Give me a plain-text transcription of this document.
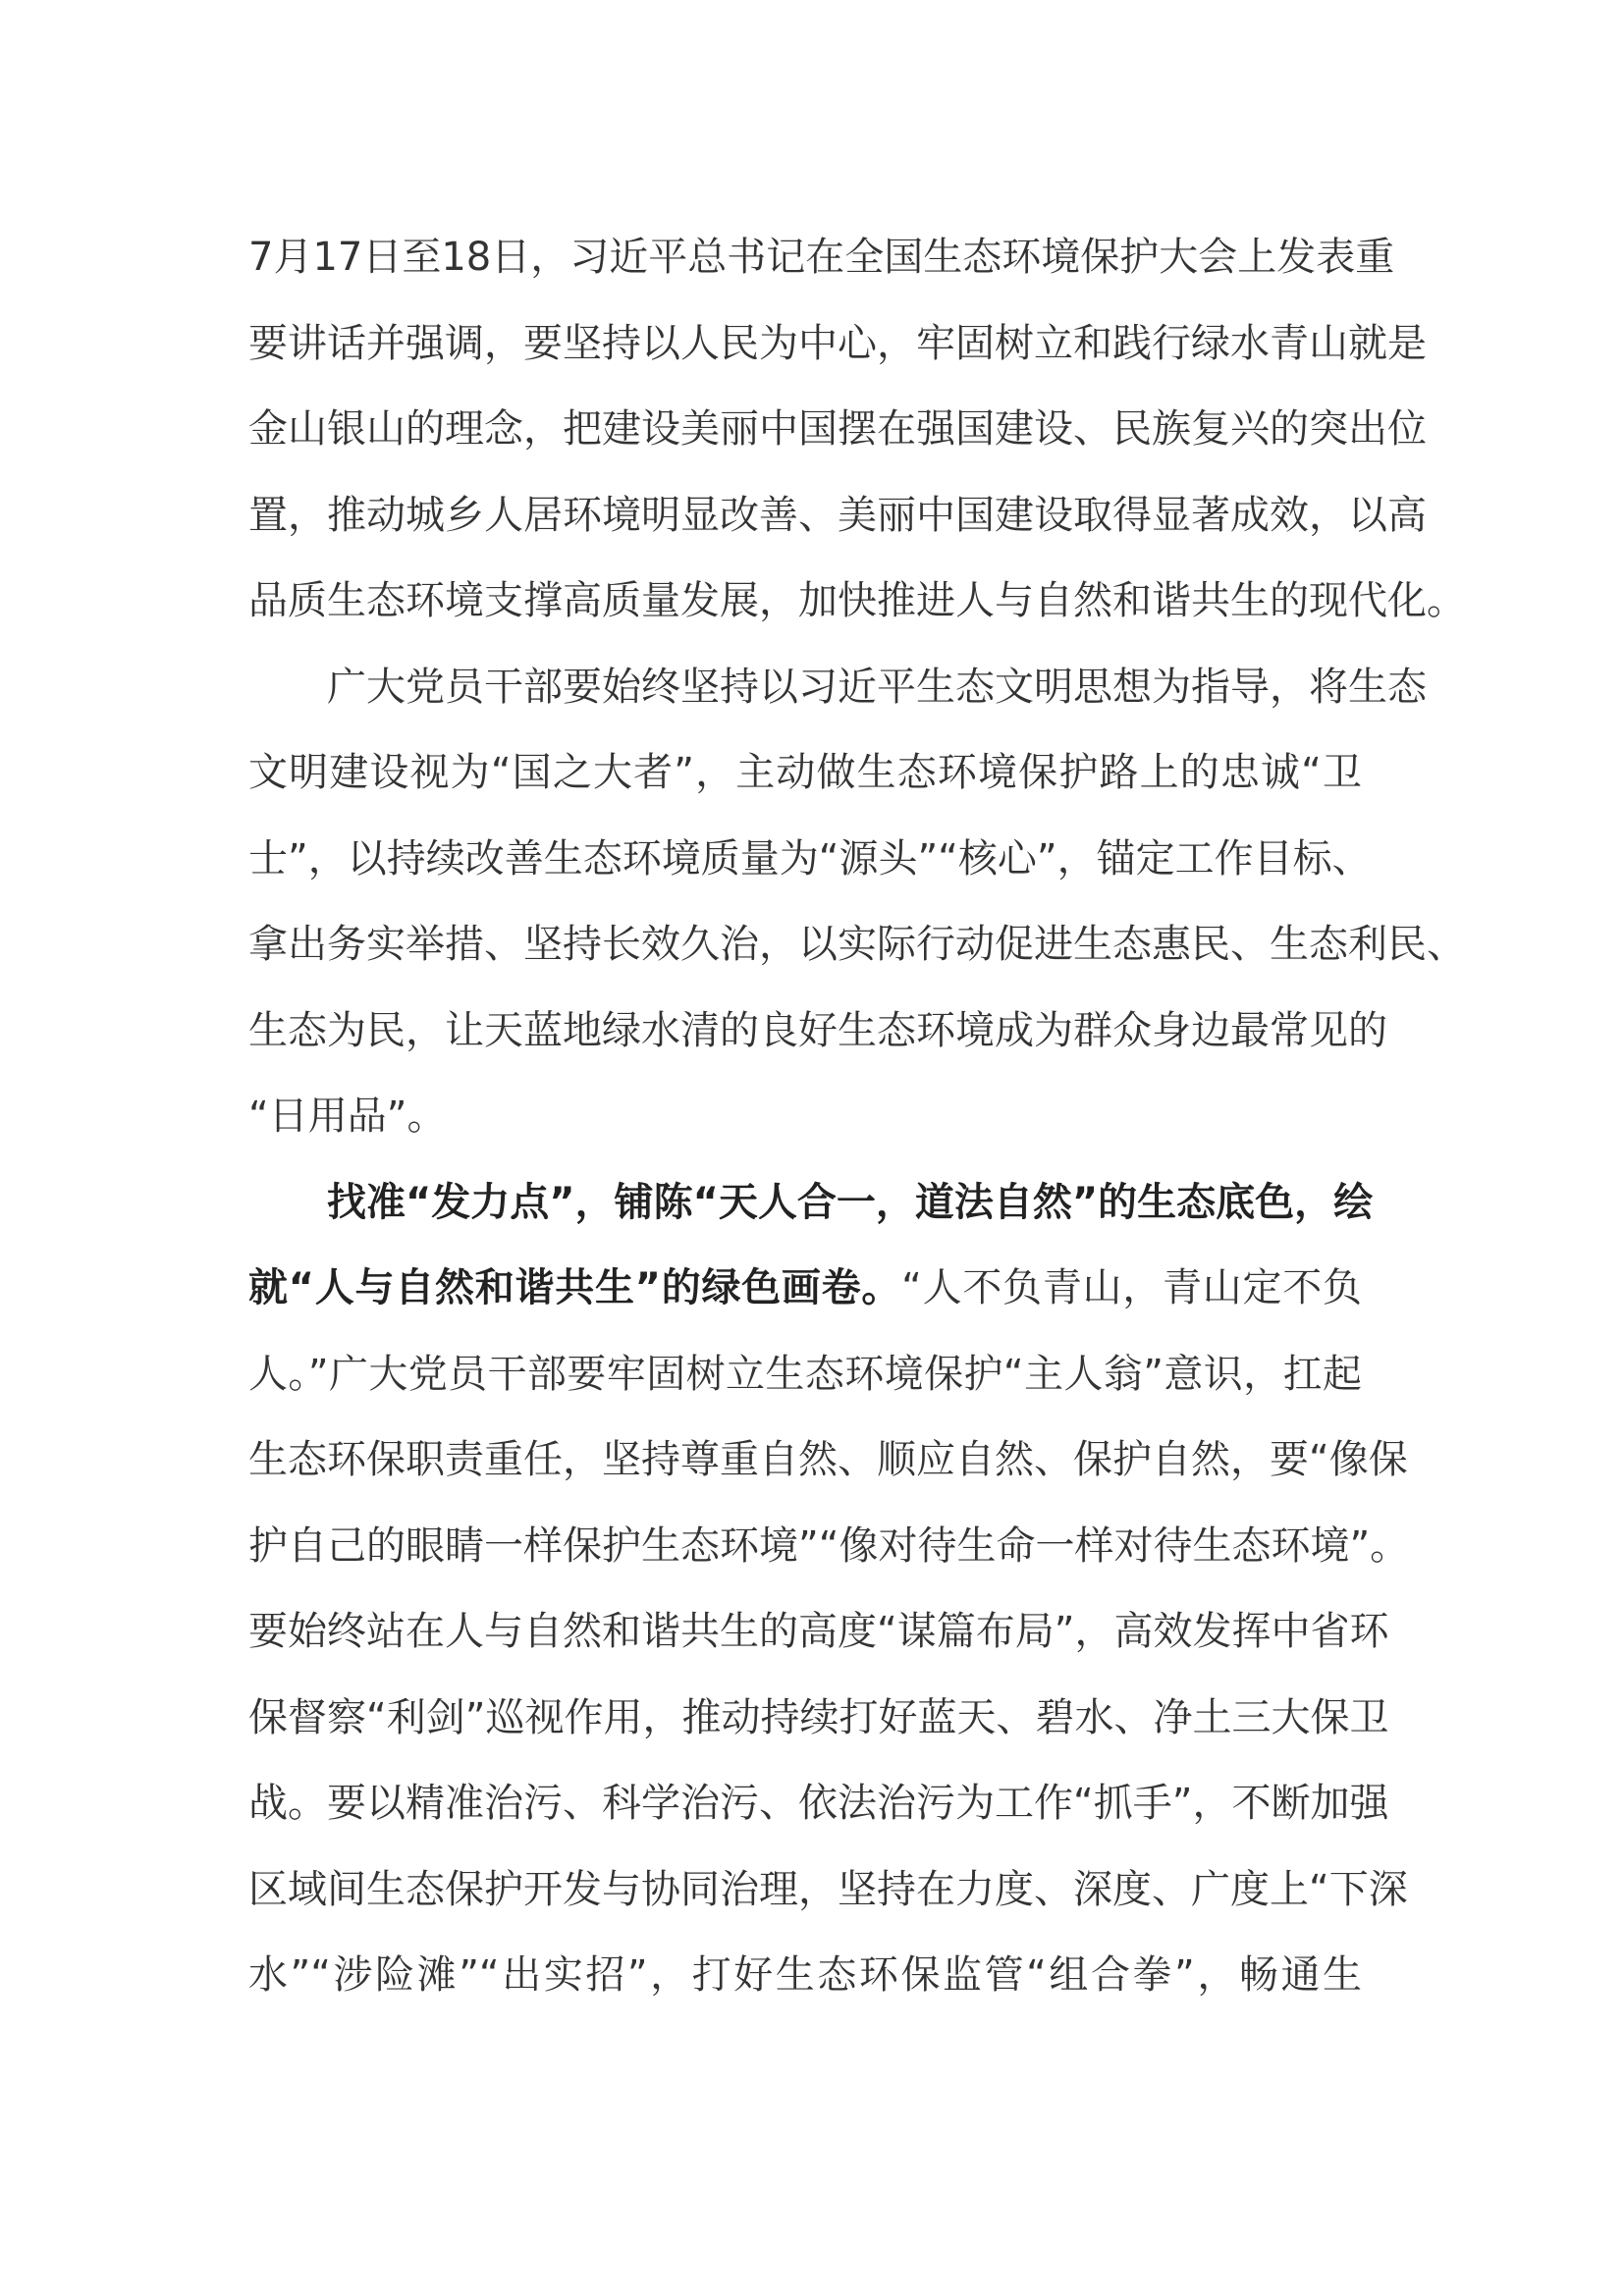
7月17日至18日，习近平总书记在全国生态环境保护大会上发表重
要讲话并强调，要坚持以人民为中心，牢固树立和践行绿水青山就是
金山银山的理念，把建设美丽中国摆在强国建设、民族复兴的突出位
置，推动城乡人居环境明显改善、美丽中国建设取得显著成效，以高
品质生态环境支撑高质量发展，加快推进人与自然和谐共生的现代化。
广大党员干部要始终坚持以习近平生态文明思想为指导，将生态
文明建设视为“国之大者”，主动做生态环境保护路上的忠诚“卫
士”，以持续改善生态环境质量为“源头”“核心”，锚定工作目标、
拿出务实举措、坚持长效久治，以实际行动促进生态惠民、生态利民、
生态为民，让天蓝地绿水清的良好生态环境成为群众身边最常见的
“日用品”。
找准“发力点”，铺陈“天人合一，道法自然”的生态底色，绘
就“人与自然和谐共生”的绿色画卷。“人不负青山，青山定不负
人。”广大党员干部要牢固树立生态环境保护“主人翁”意识，扛起
生态环保职责重任，坚持尊重自然、顺应自然、保护自然，要“像保
护自己的眼睛一样保护生态环境”“像对待生命一样对待生态环境”。
要始终站在人与自然和谐共生的高度“谋篇布局”，高效发挥中省环
保督察“利剑”巡视作用，推动持续打好蓝天、碧水、净土三大保卫
战。要以精准治污、科学治污、依法治污为工作“抓手”，不断加强
区域间生态保护开发与协同治理，坚持在力度、深度、广度上“下深
水”“涉险滩”“出实招”，打好生态环保监管“组合拳”，畅通生
